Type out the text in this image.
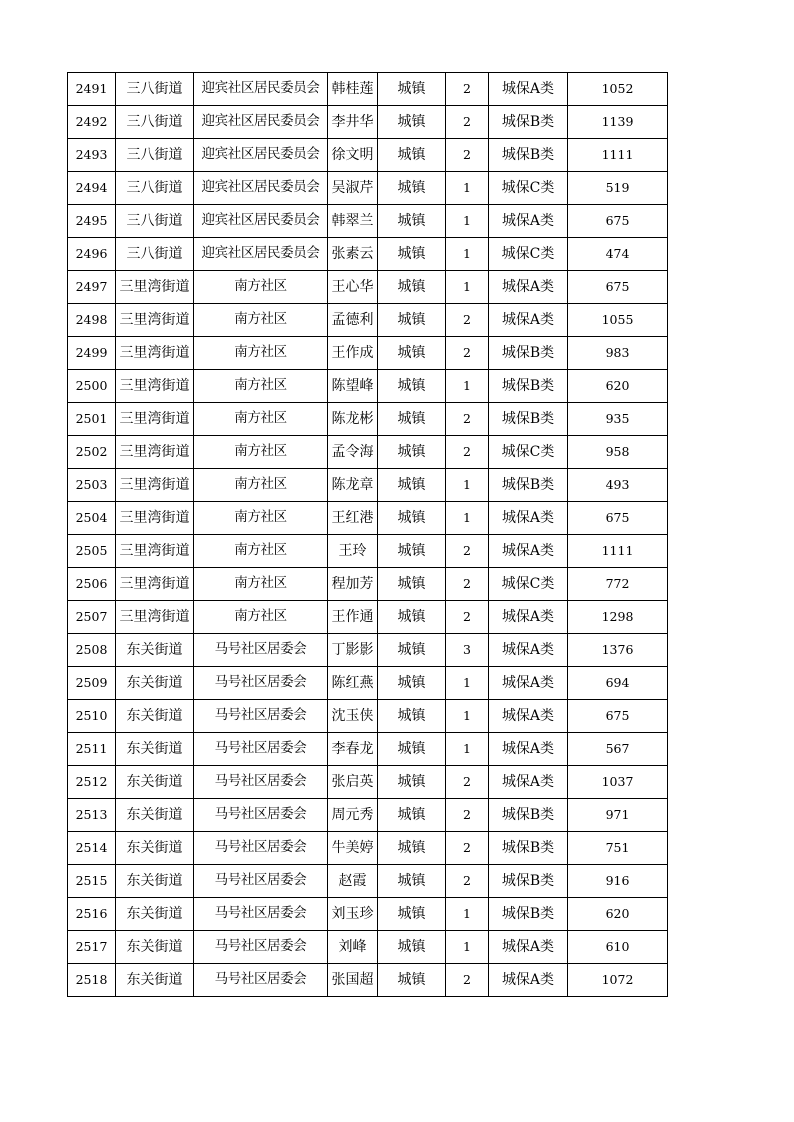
2491	三八街道	迎宾社区居民委员会	韩桂莲	城镇	2	城保A类	1052
2492	三八街道	迎宾社区居民委员会	李井华	城镇	2	城保B类	1139
2493	三八街道	迎宾社区居民委员会	徐文明	城镇	2	城保B类	1111
2494	三八街道	迎宾社区居民委员会	吴淑芹	城镇	1	城保C类	519
2495	三八街道	迎宾社区居民委员会	韩翠兰	城镇	1	城保A类	675
2496	三八街道	迎宾社区居民委员会	张素云	城镇	1	城保C类	474
2497	三里湾街道	南方社区	王心华	城镇	1	城保A类	675
2498	三里湾街道	南方社区	孟德利	城镇	2	城保A类	1055
2499	三里湾街道	南方社区	王作成	城镇	2	城保B类	983
2500	三里湾街道	南方社区	陈望峰	城镇	1	城保B类	620
2501	三里湾街道	南方社区	陈龙彬	城镇	2	城保B类	935
2502	三里湾街道	南方社区	孟令海	城镇	2	城保C类	958
2503	三里湾街道	南方社区	陈龙章	城镇	1	城保B类	493
2504	三里湾街道	南方社区	王红港	城镇	1	城保A类	675
2505	三里湾街道	南方社区	王玲	城镇	2	城保A类	1111
2506	三里湾街道	南方社区	程加芳	城镇	2	城保C类	772
2507	三里湾街道	南方社区	王作通	城镇	2	城保A类	1298
2508	东关街道	马号社区居委会	丁影影	城镇	3	城保A类	1376
2509	东关街道	马号社区居委会	陈红燕	城镇	1	城保A类	694
2510	东关街道	马号社区居委会	沈玉侠	城镇	1	城保A类	675
2511	东关街道	马号社区居委会	李春龙	城镇	1	城保A类	567
2512	东关街道	马号社区居委会	张启英	城镇	2	城保A类	1037
2513	东关街道	马号社区居委会	周元秀	城镇	2	城保B类	971
2514	东关街道	马号社区居委会	牛美婷	城镇	2	城保B类	751
2515	东关街道	马号社区居委会	赵霞	城镇	2	城保B类	916
2516	东关街道	马号社区居委会	刘玉珍	城镇	1	城保B类	620
2517	东关街道	马号社区居委会	刘峰	城镇	1	城保A类	610
2518	东关街道	马号社区居委会	张国超	城镇	2	城保A类	1072
